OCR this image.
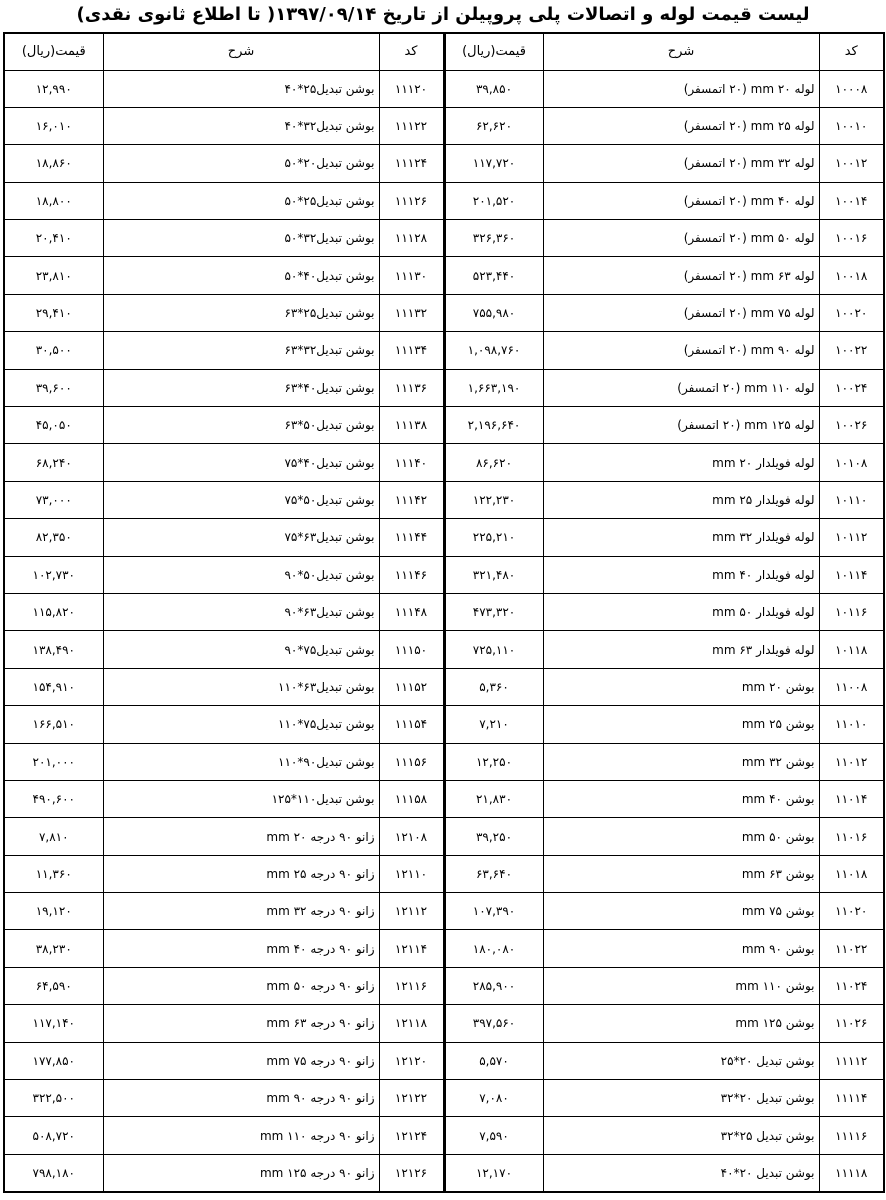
لیست قیمت لوله و اتصالات پلی پروپیلن از تاریخ ۱۳۹۷/۰۹/۱۴( تا اطلاع ثانوی نقدی)
کد	شرح	قیمت(ریال)	کد	شرح	قیمت(ریال)
۱۰۰۰۸	لوله ۲۰ mm (۲۰ اتمسفر)	۳۹,۸۵۰	۱۱۱۲۰	بوشن تبدیل۲۵*۴۰	۱۲,۹۹۰
۱۰۰۱۰	لوله ۲۵ mm (۲۰ اتمسفر)	۶۲,۶۲۰	۱۱۱۲۲	بوشن تبدیل۳۲*۴۰	۱۶,۰۱۰
۱۰۰۱۲	لوله ۳۲ mm (۲۰ اتمسفر)	۱۱۷,۷۲۰	۱۱۱۲۴	بوشن تبدیل۲۰*۵۰	۱۸,۸۶۰
۱۰۰۱۴	لوله ۴۰ mm (۲۰ اتمسفر)	۲۰۱,۵۲۰	۱۱۱۲۶	بوشن تبدیل۲۵*۵۰	۱۸,۸۰۰
۱۰۰۱۶	لوله ۵۰ mm (۲۰ اتمسفر)	۳۲۶,۳۶۰	۱۱۱۲۸	بوشن تبدیل۳۲*۵۰	۲۰,۴۱۰
۱۰۰۱۸	لوله ۶۳ mm (۲۰ اتمسفر)	۵۲۳,۴۴۰	۱۱۱۳۰	بوشن تبدیل۴۰*۵۰	۲۳,۸۱۰
۱۰۰۲۰	لوله ۷۵ mm (۲۰ اتمسفر)	۷۵۵,۹۸۰	۱۱۱۳۲	بوشن تبدیل۲۵*۶۳	۲۹,۴۱۰
۱۰۰۲۲	لوله ۹۰ mm (۲۰ اتمسفر)	۱,۰۹۸,۷۶۰	۱۱۱۳۴	بوشن تبدیل۳۲*۶۳	۳۰,۵۰۰
۱۰۰۲۴	لوله ۱۱۰ mm (۲۰ اتمسفر)	۱,۶۶۳,۱۹۰	۱۱۱۳۶	بوشن تبدیل۴۰*۶۳	۳۹,۶۰۰
۱۰۰۲۶	لوله ۱۲۵ mm (۲۰ اتمسفر)	۲,۱۹۶,۶۴۰	۱۱۱۳۸	بوشن تبدیل۵۰*۶۳	۴۵,۰۵۰
۱۰۱۰۸	لوله فویلدار ۲۰ mm	۸۶,۶۲۰	۱۱۱۴۰	بوشن تبدیل۴۰*۷۵	۶۸,۲۴۰
۱۰۱۱۰	لوله فویلدار ۲۵ mm	۱۲۲,۲۳۰	۱۱۱۴۲	بوشن تبدیل۵۰*۷۵	۷۳,۰۰۰
۱۰۱۱۲	لوله فویلدار ۳۲ mm	۲۲۵,۲۱۰	۱۱۱۴۴	بوشن تبدیل۶۳*۷۵	۸۲,۳۵۰
۱۰۱۱۴	لوله فویلدار ۴۰ mm	۳۲۱,۴۸۰	۱۱۱۴۶	بوشن تبدیل۵۰*۹۰	۱۰۲,۷۳۰
۱۰۱۱۶	لوله فویلدار ۵۰ mm	۴۷۳,۳۲۰	۱۱۱۴۸	بوشن تبدیل۶۳*۹۰	۱۱۵,۸۲۰
۱۰۱۱۸	لوله فویلدار ۶۳ mm	۷۲۵,۱۱۰	۱۱۱۵۰	بوشن تبدیل۷۵*۹۰	۱۳۸,۴۹۰
۱۱۰۰۸	بوشن ۲۰ mm	۵,۳۶۰	۱۱۱۵۲	بوشن تبدیل۶۳*۱۱۰	۱۵۴,۹۱۰
۱۱۰۱۰	بوشن ۲۵ mm	۷,۲۱۰	۱۱۱۵۴	بوشن تبدیل۷۵*۱۱۰	۱۶۶,۵۱۰
۱۱۰۱۲	بوشن ۳۲ mm	۱۲,۲۵۰	۱۱۱۵۶	بوشن تبدیل۹۰*۱۱۰	۲۰۱,۰۰۰
۱۱۰۱۴	بوشن ۴۰ mm	۲۱,۸۳۰	۱۱۱۵۸	بوشن تبدیل۱۱۰*۱۲۵	۴۹۰,۶۰۰
۱۱۰۱۶	بوشن ۵۰ mm	۳۹,۲۵۰	۱۲۱۰۸	زانو ۹۰ درجه ۲۰ mm	۷,۸۱۰
۱۱۰۱۸	بوشن ۶۳ mm	۶۳,۶۴۰	۱۲۱۱۰	زانو ۹۰ درجه ۲۵ mm	۱۱,۳۶۰
۱۱۰۲۰	بوشن ۷۵ mm	۱۰۷,۳۹۰	۱۲۱۱۲	زانو ۹۰ درجه ۳۲ mm	۱۹,۱۲۰
۱۱۰۲۲	بوشن ۹۰ mm	۱۸۰,۰۸۰	۱۲۱۱۴	زانو ۹۰ درجه ۴۰ mm	۳۸,۲۳۰
۱۱۰۲۴	بوشن ۱۱۰ mm	۲۸۵,۹۰۰	۱۲۱۱۶	زانو ۹۰ درجه ۵۰ mm	۶۴,۵۹۰
۱۱۰۲۶	بوشن ۱۲۵ mm	۳۹۷,۵۶۰	۱۲۱۱۸	زانو ۹۰ درجه ۶۳ mm	۱۱۷,۱۴۰
۱۱۱۱۲	بوشن تبدیل ۲۰*۲۵	۵,۵۷۰	۱۲۱۲۰	زانو ۹۰ درجه ۷۵ mm	۱۷۷,۸۵۰
۱۱۱۱۴	بوشن تبدیل ۲۰*۳۲	۷,۰۸۰	۱۲۱۲۲	زانو ۹۰ درجه ۹۰ mm	۳۲۲,۵۰۰
۱۱۱۱۶	بوشن تبدیل ۲۵*۳۲	۷,۵۹۰	۱۲۱۲۴	زانو ۹۰ درجه ۱۱۰ mm	۵۰۸,۷۲۰
۱۱۱۱۸	بوشن تبدیل ۲۰*۴۰	۱۲,۱۷۰	۱۲۱۲۶	زانو ۹۰ درجه ۱۲۵ mm	۷۹۸,۱۸۰
